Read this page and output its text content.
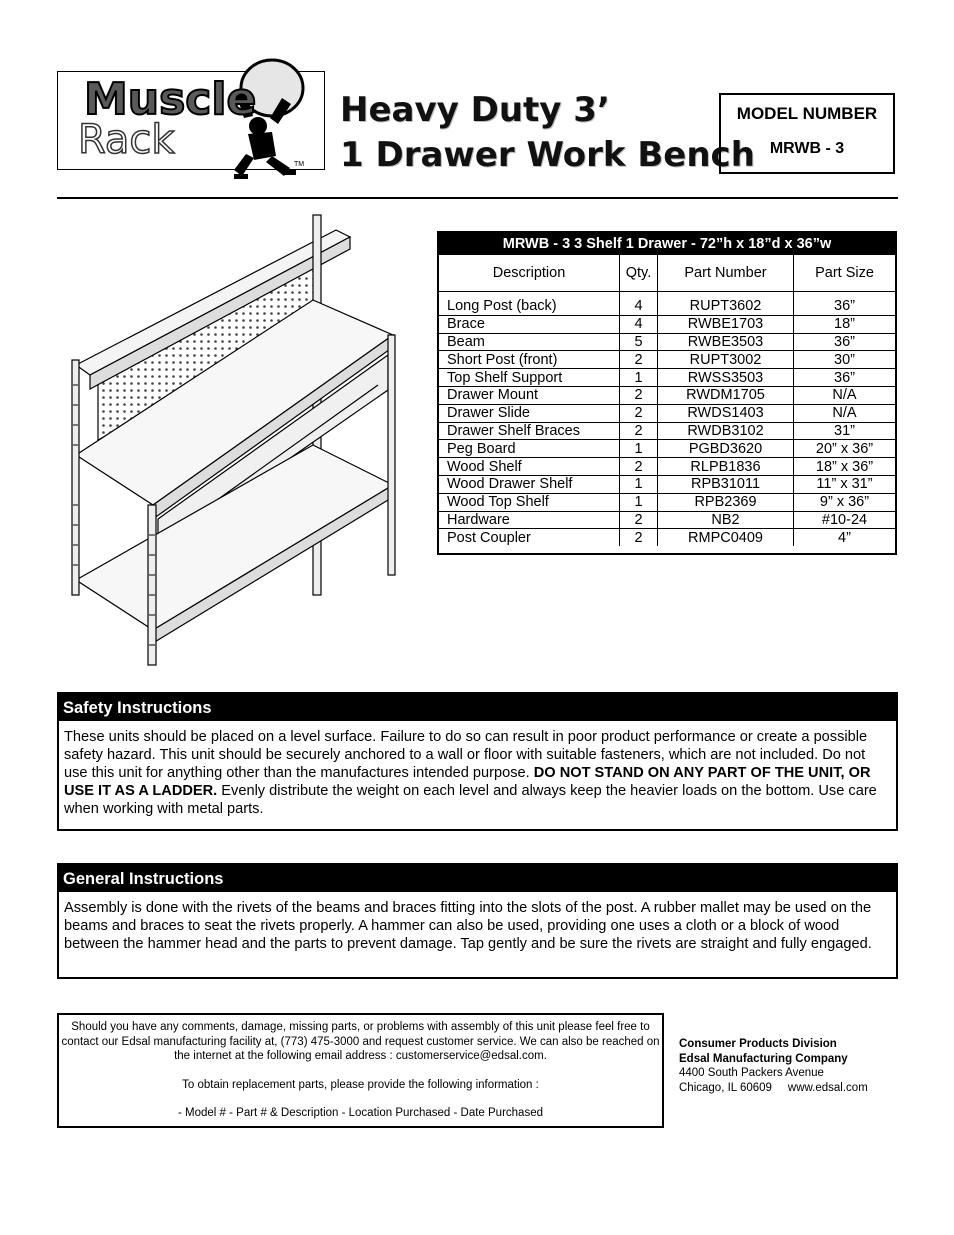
Muscle
Rack
TM
Heavy Duty 3’
1 Drawer Work Bench
MODEL NUMBER
MRWB - 3
MRWB - 3 3 Shelf 1 Drawer - 72”h x 18”d x 36”w
Description	Qty.	Part Number	Part Size

Long Post (back)	4	RUPT3602	36”
Brace	4	RWBE1703	18”
Beam	5	RWBE3503	36”
Short Post (front)	2	RUPT3002	30”
Top Shelf Support	1	RWSS3503	36”
Drawer Mount	2	RWDM1705	N/A
Drawer Slide	2	RWDS1403	N/A
Drawer Shelf Braces	2	RWDB3102	31”
Peg Board	1	PGBD3620	20” x 36”
Wood Shelf	2	RLPB1836	18” x 36”
Wood Drawer Shelf	1	RPB31011	11” x 31”
Wood Top Shelf	1	RPB2369	9” x 36”
Hardware	2	NB2	#10-24
Post Coupler	2	RMPC0409	4”
Safety Instructions
These units should be placed on a level surface. Failure to do so can result in poor product performance or create a possible safety hazard. This unit should be securely anchored to a wall or floor with suitable fasteners, which are not included. Do not use this unit for anything other than the manufactures intended purpose. DO NOT STAND ON ANY PART OF THE UNIT, OR USE IT AS A LADDER. Evenly distribute the weight on each level and always keep the heavier loads on the bottom. Use care when working with metal parts.
General Instructions
Assembly is done with the rivets of the beams and braces fitting into the slots of the post. A rubber mallet may be used on the beams and braces to seat the rivets properly. A hammer can also be used, providing one uses a cloth or a block of wood between the hammer head and the parts to prevent damage. Tap gently and be sure the rivets are straight and fully engaged.

Should you have any comments, damage, missing parts, or problems with assembly of this unit please feel free to contact our Edsal manufacturing facility at, (773) 475-3000 and request customer service. We can also be reached on the internet at the following email address : customerservice@edsal.com.

To obtain replacement parts, please provide the following information :

- Model # - Part # & Description - Location Purchased - Date Purchased

Consumer Products Division
Edsal Manufacturing Company
4400 South Packers Avenue
Chicago, IL 60609     www.edsal.com
